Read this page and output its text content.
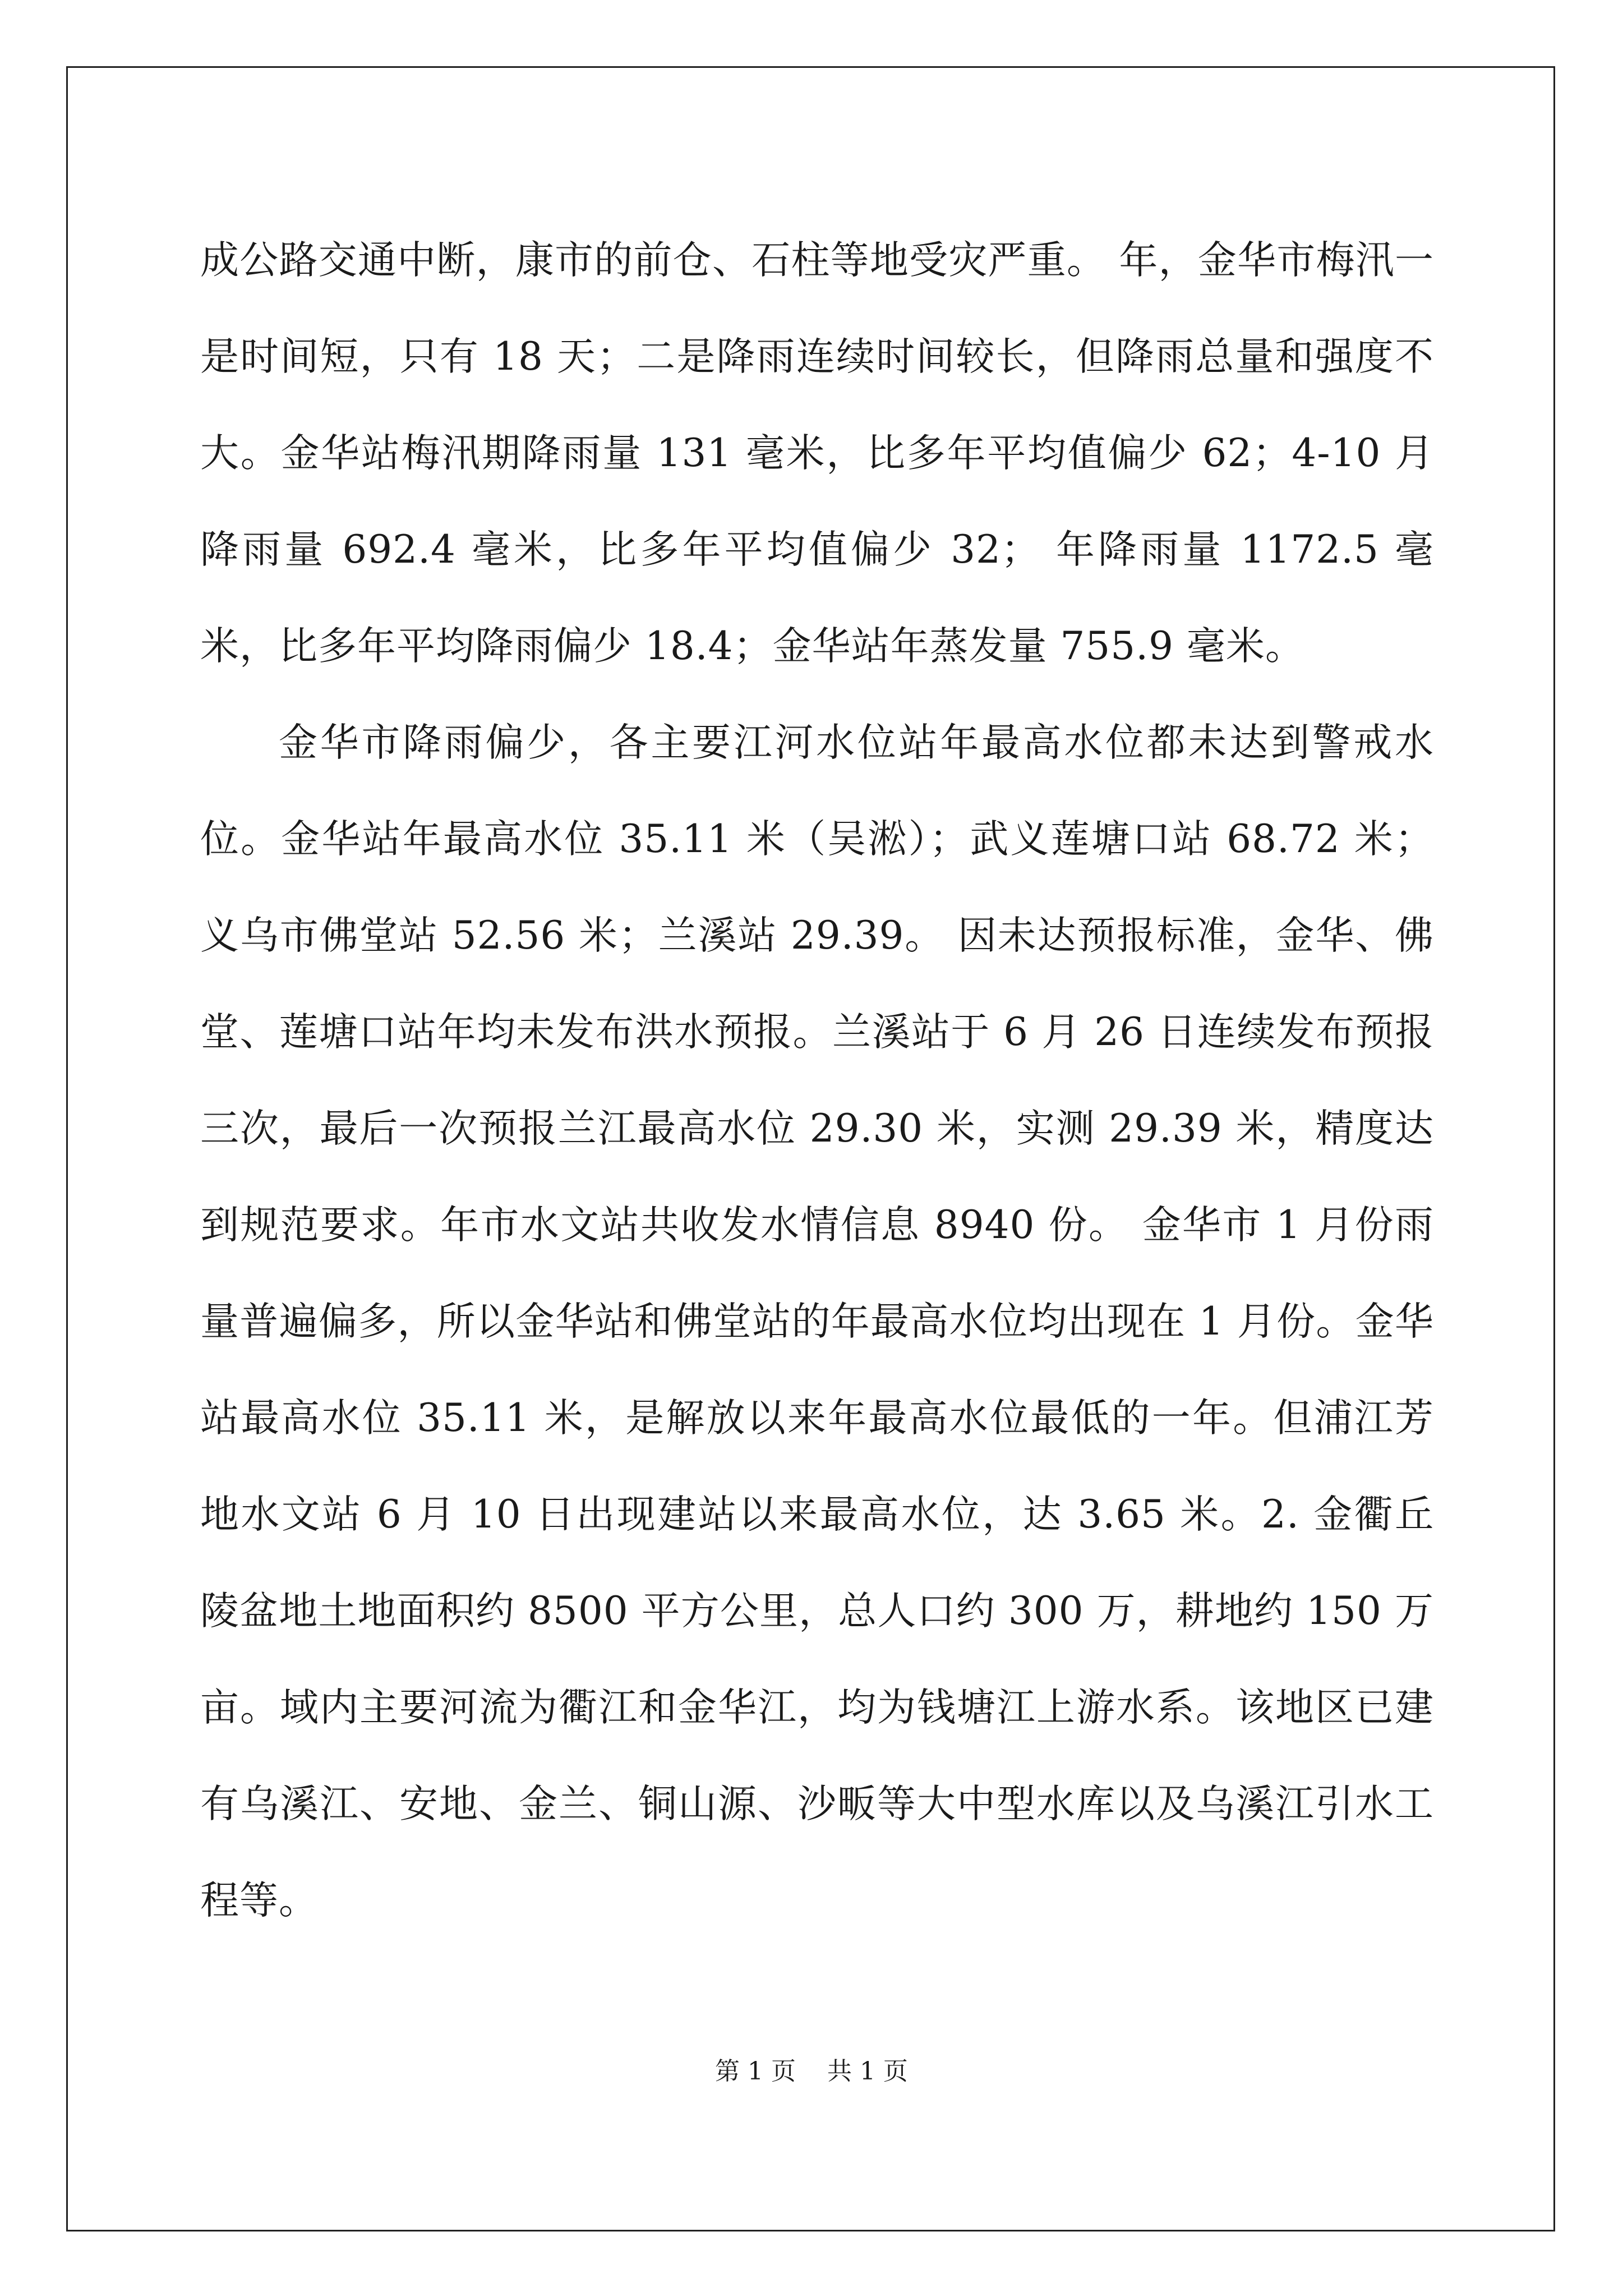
成公路交通中断，康市的前仓、石柱等地受灾严重。 年，金华市梅汛一是时间短，只有 18 天；二是降雨连续时间较长，但降雨总量和强度不大。金华站梅汛期降雨量 131 毫米，比多年平均值偏少 62；4-10 月降雨量 692.4 毫米，比多年平均值偏少 32； 年降雨量 1172.5 毫米，比多年平均降雨偏少 18.4；金华站年蒸发量 755.9 毫米。

金华市降雨偏少，各主要江河水位站年最高水位都未达到警戒水位。金华站年最高水位 35.11 米（吴淞）；武义莲塘口站 68.72 米；义乌市佛堂站 52.56 米；兰溪站 29.39。 因未达预报标准，金华、佛堂、莲塘口站年均未发布洪水预报。兰溪站于 6 月 26 日连续发布预报三次，最后一次预报兰江最高水位 29.30 米，实测 29.39 米，精度达到规范要求。年市水文站共收发水情信息 8940 份。 金华市 1 月份雨量普遍偏多，所以金华站和佛堂站的年最高水位均出现在 1 月份。金华站最高水位 35.11 米，是解放以来年最高水位最低的一年。但浦江芳地水文站 6 月 10 日出现建站以来最高水位，达 3.65 米。2. 金衢丘陵盆地土地面积约 8500 平方公里，总人口约 300 万，耕地约 150 万亩。域内主要河流为衢江和金华江，均为钱塘江上游水系。该地区已建有乌溪江、安地、金兰、铜山源、沙畈等大中型水库以及乌溪江引水工程等。

第 1 页    共 1 页
